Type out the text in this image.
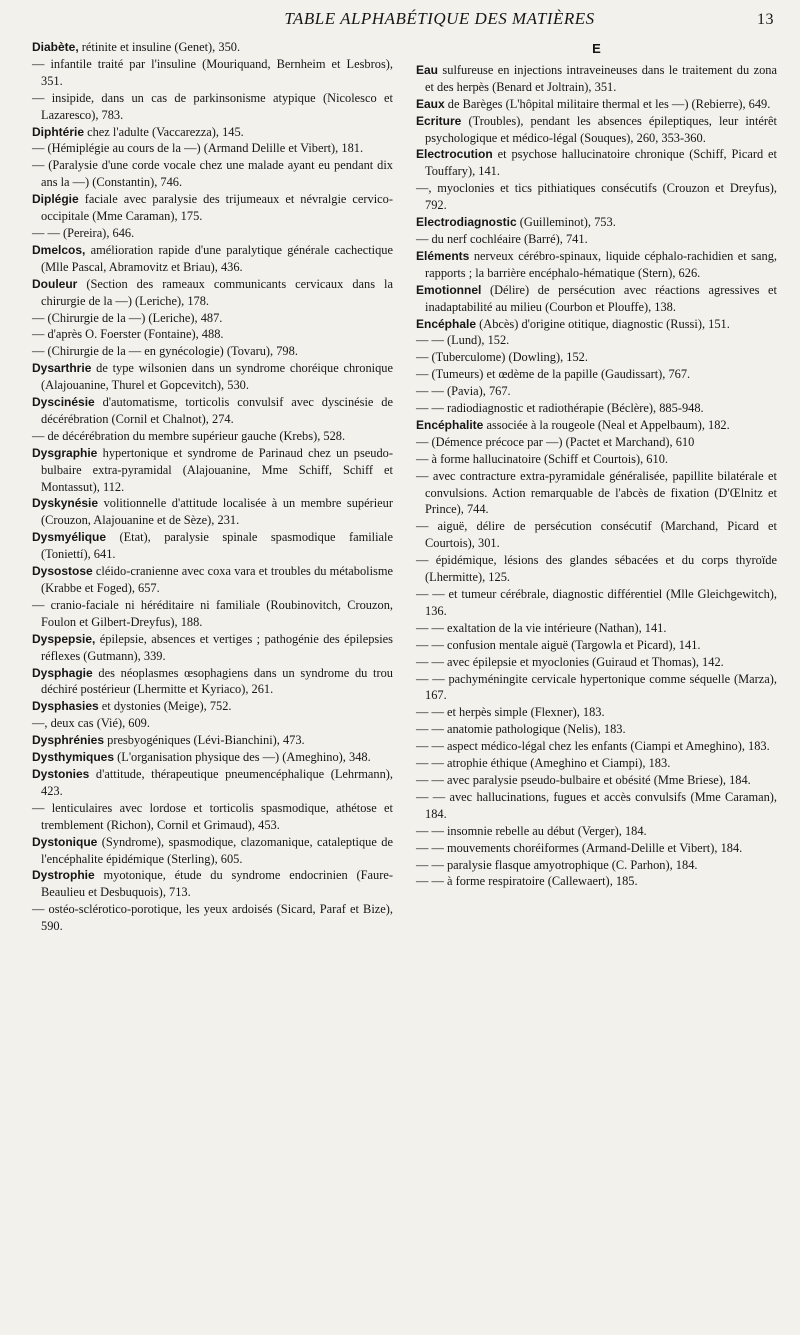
TABLE ALPHABÉTIQUE DES MATIÈRES	13

Diabète, rétinite et insuline (Genet), 350.

— infantile traité par l'insuline (Mouriquand, Bernheim et Lesbros), 351.

— insipide, dans un cas de parkinsonisme atypique (Nicolesco et Lazaresco), 783.

Diphtérie chez l'adulte (Vaccarezza), 145.

— (Hémiplégie au cours de la —) (Armand Delille et Vibert), 181.

— (Paralysie d'une corde vocale chez une malade ayant eu pendant dix ans la —) (Constantin), 746.

Diplégie faciale avec paralysie des trijumeaux et névralgie cervico-occipitale (Mme Caraman), 175.

— — (Pereira), 646.

Dmelcos, amélioration rapide d'une paralytique générale cachectique (Mlle Pascal, Abramovitz et Briau), 436.

Douleur (Section des rameaux communicants cervicaux dans la chirurgie de la —) (Leriche), 178.

— (Chirurgie de la —) (Leriche), 487.

— d'après O. Foerster (Fontaine), 488.

— (Chirurgie de la — en gynécologie) (Tovaru), 798.

Dysarthrie de type wilsonien dans un syndrome choréique chronique (Alajouanine, Thurel et Gopcevitch), 530.

Dyscinésie d'automatisme, torticolis convulsif avec dyscinésie de décérébration (Cornil et Chalnot), 274.

— de décérébration du membre supérieur gauche (Krebs), 528.

Dysgraphie hypertonique et syndrome de Parinaud chez un pseudo-bulbaire extra-pyramidal (Alajouanine, Mme Schiff, Schiff et Montassut), 112.

Dyskynésie volitionnelle d'attitude localisée à un membre supérieur (Crouzon, Alajouanine et de Sèze), 231.

Dysmyélique (Etat), paralysie spinale spasmodique familiale (Toniettí), 641.

Dysostose cléido-cranienne avec coxa vara et troubles du métabolisme (Krabbe et Foged), 657.

— cranio-faciale ni héréditaire ni familiale (Roubinovitch, Crouzon, Foulon et Gilbert-Dreyfus), 188.

Dyspepsie, épilepsie, absences et vertiges ; pathogénie des épilepsies réflexes (Gutmann), 339.

Dysphagie des néoplasmes œsophagiens dans un syndrome du trou déchiré postérieur (Lhermitte et Kyriaco), 261.

Dysphasies et dystonies (Meige), 752.

—, deux cas (Vié), 609.

Dysphrénies presbyogéniques (Lévi-Bianchini), 473.

Dysthymiques (L'organisation physique des —) (Ameghino), 348.

Dystonies d'attitude, thérapeutique pneumencéphalique (Lehrmann), 423.

— lenticulaires avec lordose et torticolis spasmodique, athétose et tremblement (Richon), Cornil et Grimaud), 453.

Dystonique (Syndrome), spasmodique, clazomanique, cataleptique de l'encéphalite épidémique (Sterling), 605.

Dystrophie myotonique, étude du syndrome endocrinien (Faure-Beaulieu et Desbuquois), 713.

— ostéo-sclérotico-porotique, les yeux ardoisés (Sicard, Paraf et Bize), 590.

E

Eau sulfureuse en injections intraveineuses dans le traitement du zona et des herpès (Benard et Joltrain), 351.

Eaux de Barèges (L'hôpital militaire thermal et les —) (Rebierre), 649.

Ecriture (Troubles), pendant les absences épileptiques, leur intérêt psychologique et médico-légal (Souques), 260, 353-360.

Electrocution et psychose hallucinatoire chronique (Schiff, Picard et Touffary), 141.

—, myoclonies et tics pithiatiques consécutifs (Crouzon et Dreyfus), 792.

Electrodiagnostic (Guilleminot), 753.

— du nerf cochléaire (Barré), 741.

Eléments nerveux cérébro-spinaux, liquide céphalo-rachidien et sang, rapports ; la barrière encéphalo-hématique (Stern), 626.

Emotionnel (Délire) de persécution avec réactions agressives et inadaptabilité au milieu (Courbon et Plouffe), 138.

Encéphale (Abcès) d'origine otitique, diagnostic (Russi), 151.

— — (Lund), 152.

— (Tuberculome) (Dowling), 152.

— (Tumeurs) et œdème de la papille (Gaudissart), 767.

— — (Pavia), 767.

— — radiodiagnostic et radiothérapie (Béclère), 885-948.

Encéphalite associée à la rougeole (Neal et Appelbaum), 182.

— (Démence précoce par —) (Pactet et Marchand), 610

— à forme hallucinatoire (Schiff et Courtois), 610.

— avec contracture extra-pyramidale généralisée, papillite bilatérale et convulsions. Action remarquable de l'abcès de fixation (D'Œlnitz et Prince), 744.

— aiguë, délire de persécution consécutif (Marchand, Picard et Courtois), 301.

— épidémique, lésions des glandes sébacées et du corps thyroïde (Lhermitte), 125.

— — et tumeur cérébrale, diagnostic différentiel (Mlle Gleichgewitch), 136.

— — exaltation de la vie intérieure (Nathan), 141.

— — confusion mentale aiguë (Targowla et Picard), 141.

— — avec épilepsie et myoclonies (Guiraud et Thomas), 142.

— — pachyméningite cervicale hypertonique comme séquelle (Marza), 167.

— — et herpès simple (Flexner), 183.

— — anatomie pathologique (Nelis), 183.

— — aspect médico-légal chez les enfants (Ciampi et Ameghino), 183.

— — atrophie éthique (Ameghino et Ciampi), 183.

— — avec paralysie pseudo-bulbaire et obésité (Mme Briese), 184.

— — avec hallucinations, fugues et accès convulsifs (Mme Caraman), 184.

— — insomnie rebelle au début (Verger), 184.

— — mouvements choréiformes (Armand-Delille et Vibert), 184.

— — paralysie flasque amyotrophique (C. Parhon), 184.

— — à forme respiratoire (Callewaert), 185.
